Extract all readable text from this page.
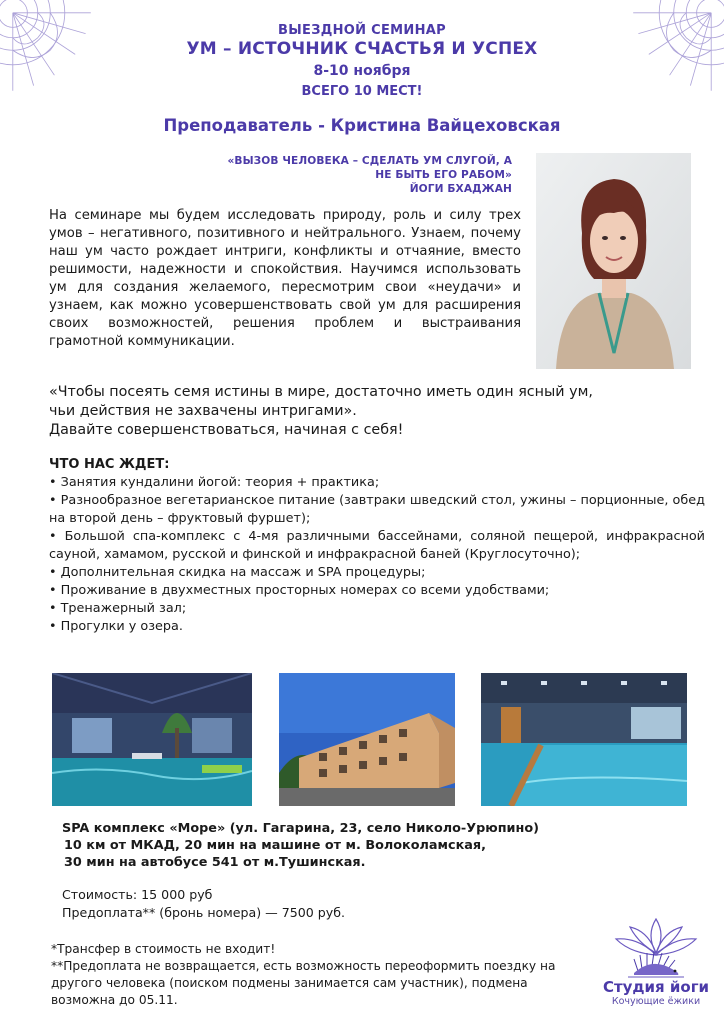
ВЫЕЗДНОЙ СЕМИНАР
УМ – ИСТОЧНИК СЧАСТЬЯ И УСПЕХ
8-10 ноября
ВСЕГО 10 МЕСТ!
Преподаватель - Кристина Вайцеховская
«ВЫЗОВ ЧЕЛОВЕКА – СДЕЛАТЬ УМ СЛУГОЙ, А
НЕ БЫТЬ ЕГО РАБОМ»
ЙОГИ БХАДЖАН
На семинаре мы будем исследовать природу, роль и силу трех умов – негативного, позитивного и нейтрального. Узнаем, почему наш ум часто рождает интриги, конфликты и отчаяние, вместо решимости, надежности и спокойствия. Научимся использовать ум для создания желаемого, пересмотрим свои «неудачи» и узнаем, как можно усовершенствовать свой ум для расширения своих возможностей, решения проблем и выстраивания грамотной коммуникации.
«Чтобы посеять семя истины в мире, достаточно иметь один ясный ум,
чьи действия не захвачены интригами».
Давайте совершенствоваться, начиная с себя!
ЧТО НАС ЖДЕТ:
• Занятия кундалини йогой: теория + практика;
• Разнообразное вегетарианское питание (завтраки шведский стол, ужины – порционные, обед на второй день – фруктовый фуршет);
• Большой спа-комплекс с 4-мя различными бассейнами, соляной пещерой, инфракрасной сауной, хамамом, русской и финской и инфракрасной баней (Круглосуточно);
• Дополнительная скидка на массаж и SPA процедуры;
• Проживание в двухместных просторных номерах со всеми удобствами;
• Тренажерный зал;
• Прогулки у озера.
SPA комплекс «Море» (ул. Гагарина, 23, село Николо-Урюпино)
10 км от МКАД, 20 мин на машине от м. Волоколамская,
30 мин на автобусе 541 от м.Тушинская.
Стоимость: 15 000 руб
Предоплата** (бронь номера) — 7500 руб.
*Трансфер в стоимость не входит!
**Предоплата не возвращается, есть возможность переоформить поездку на другого человека (поиском подмены занимается сам участник), подмена возможна до 05.11.
Студия йоги
Кочующие ёжики
